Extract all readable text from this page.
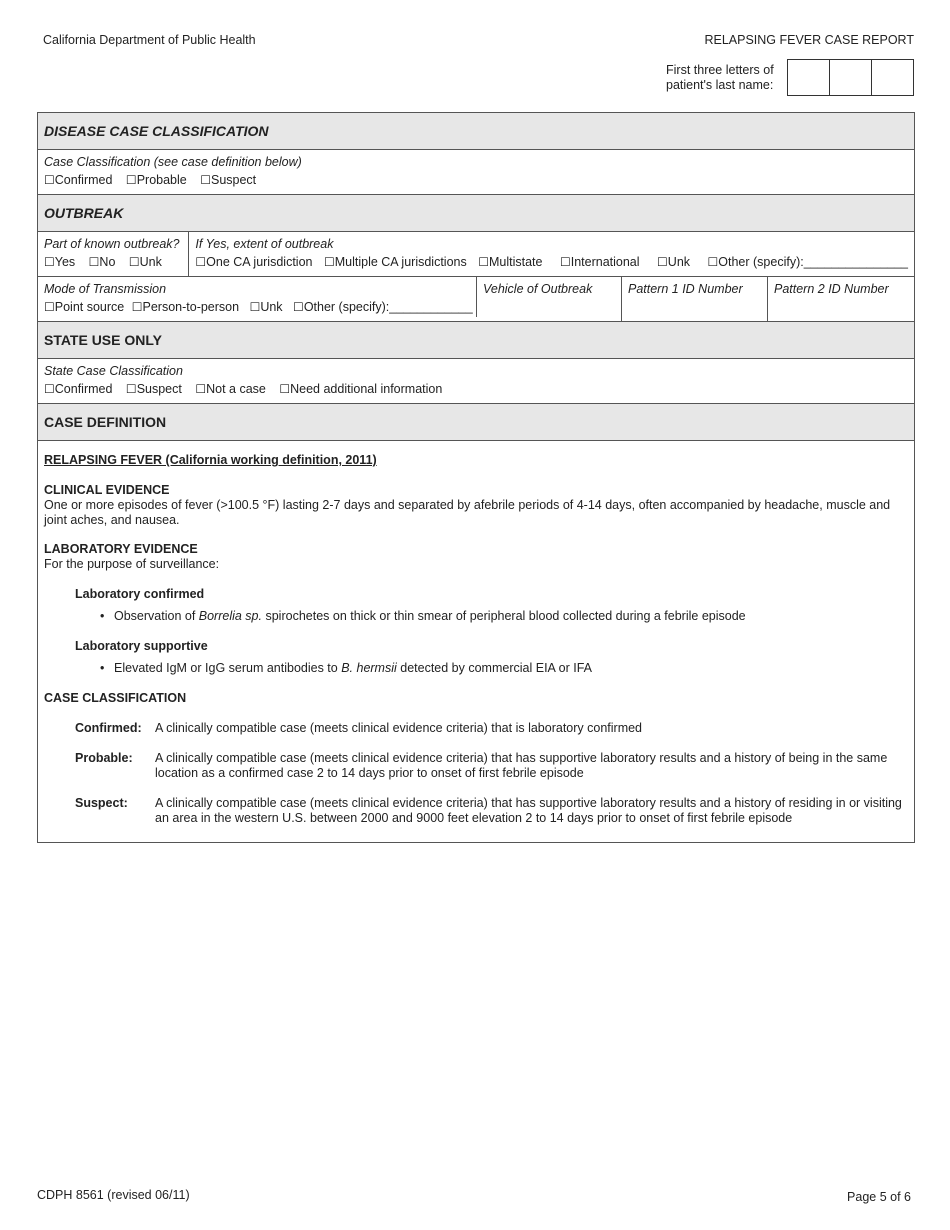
California Department of Public Health	RELAPSING FEVER CASE REPORT
First three letters of
patient's last name:
DISEASE CASE CLASSIFICATION
Case Classification (see case definition below)
☐Confirmed ☐Probable ☐Suspect
OUTBREAK
Part of known outbreak?
☐Yes ☐No ☐Unk
If Yes, extent of outbreak
☐One CA jurisdiction ☐Multiple CA jurisdictions ☐Multistate ☐International ☐Unk ☐Other (specify):_______________
Mode of Transmission
☐Point source ☐Person-to-person ☐Unk ☐Other (specify):____________
Vehicle of Outbreak	Pattern 1 ID Number	Pattern 2 ID Number
STATE USE ONLY
State Case Classification
☐Confirmed ☐Suspect ☐Not a case ☐Need additional information
CASE DEFINITION
RELAPSING FEVER (California working definition, 2011)
CLINICAL EVIDENCE

One or more episodes of fever (>100.5 °F) lasting 2-7 days and separated by afebrile periods of 4-14 days, often accompanied by headache, muscle and joint aches, and nausea.

LABORATORY EVIDENCE

For the purpose of surveillance:

Laboratory confirmed
• Observation of Borrelia sp. spirochetes on thick or thin smear of peripheral blood collected during a febrile episode
Laboratory supportive
• Elevated IgM or IgG serum antibodies to B. hermsii detected by commercial EIA or IFA
CASE CLASSIFICATION
Confirmed:	A clinically compatible case (meets clinical evidence criteria) that is laboratory confirmed
Probable:	A clinically compatible case (meets clinical evidence criteria) that has supportive laboratory results and a history of being in the same location as a confirmed case 2 to 14 days prior to onset of first febrile episode
Suspect:	A clinically compatible case (meets clinical evidence criteria) that has supportive laboratory results and a history of residing in or visiting an area in the western U.S. between 2000 and 9000 feet elevation 2 to 14 days prior to onset of first febrile episode
CDPH 8561 (revised 06/11)	Page 5 of 6
